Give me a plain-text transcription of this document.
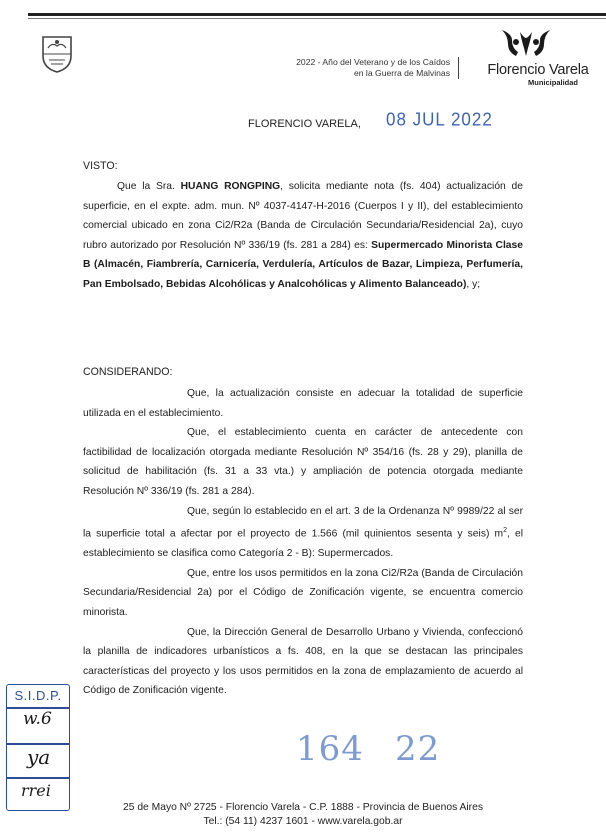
2022 - Año del Veterano y de los Caídos
en la Guerra de Malvinas	Florencio Varela
Municipalidad
FLORENCIO VARELA, 08 JUL 2022
VISTO:

Que la Sra. HUANG RONGPING, solicita mediante nota (fs. 404) actualización de superficie, en el expte. adm. mun. Nº 4037-4147-H-2016 (Cuerpos I y II), del establecimiento comercial ubicado en zona Ci2/R2a (Banda de Circulación Secundaria/Residencial 2a), cuyo rubro autorizado por Resolución Nº 336/19 (fs. 281 a 284) es: Supermercado Minorista Clase B (Almacén, Fiambrería, Carnicería, Verdulería, Artículos de Bazar, Limpieza, Perfumería, Pan Embolsado, Bebidas Alcohólicas y Analcohólicas y Alimento Balanceado), y;

CONSIDERANDO:

Que, la actualización consiste en adecuar la totalidad de superficie utilizada en el establecimiento.

Que, el establecimiento cuenta en carácter de antecedente con factibilidad de localización otorgada mediante Resolución Nº 354/16 (fs. 28 y 29), planilla de solicitud de habilitación (fs. 31 a 33 vta.) y ampliación de potencia otorgada mediante Resolución Nº 336/19 (fs. 281 a 284).

Que, según lo establecido en el art. 3 de la Ordenanza Nº 9989/22 al ser la superficie total a afectar por el proyecto de 1.566 (mil quinientos sesenta y seis) $m^2$, el establecimiento se clasifica como Categoría 2 - B): Supermercados.

Que, entre los usos permitidos en la zona Ci2/R2a (Banda de Circulación Secundaria/Residencial 2a) por el Código de Zonificación vigente, se encuentra comercio minorista.

Que, la Dirección General de Desarrollo Urbano y Vivienda, confeccionó la planilla de indicadores urbanísticos a fs. 408, en la que se destacan las principales características del proyecto y los usos permitidos en la zona de emplazamiento de acuerdo al Código de Zonificación vigente.

S.I.D.P.
w.6
ya
rrei
164 22
25 de Mayo Nº 2725 - Florencio Varela - C.P. 1888 - Provincia de Buenos Aires
Tel.: (54 11) 4237 1601 - www.varela.gob.ar
